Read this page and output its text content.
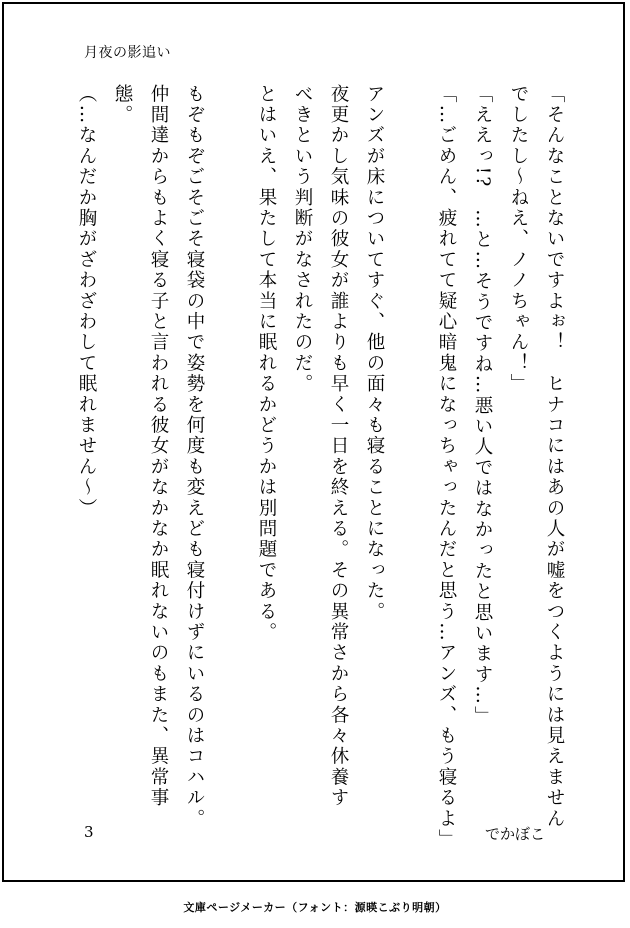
月夜の影追い
「そんなことないですよぉ！　ヒナコにはあの人が嘘をつくようには見えません
でしたし〜ねえ、ノノちゃん！」
「ええっ!?　…と…そうですね…悪い人ではなかったと思います…」
「…ごめん、疲れてて疑心暗鬼になっちゃったんだと思う…アンズ、もう寝るよ」
アンズが床についてすぐ、他の面々も寝ることになった。
夜更かし気味の彼女が誰よりも早く一日を終える。その異常さから各々休養す
べきという判断がなされたのだ。
とはいえ、果たして本当に眠れるかどうかは別問題である。
もぞもぞごそごそ寝袋の中で姿勢を何度も変えども寝付けずにいるのはコハル。
仲間達からもよく寝る子と言われる彼女がなかなか眠れないのもまた、異常事
態。
（…なんだか胸がざわざわして眠れません〜）
3	でかぼこ
文庫ページメーカー（フォント：源暎こぶり明朝）
